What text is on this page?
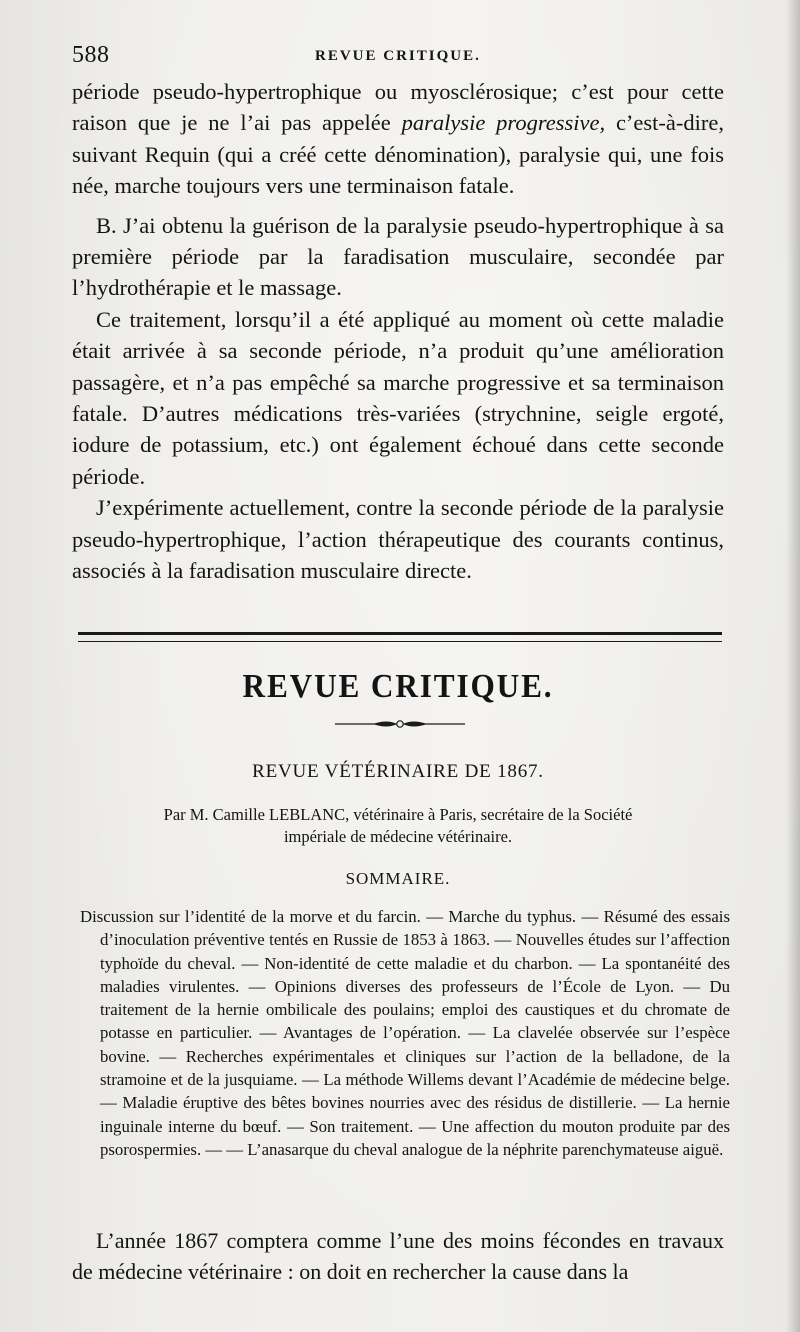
588	REVUE CRITIQUE.

période pseudo-hypertrophique ou myosclérosique; c’est pour cette raison que je ne l’ai pas appelée paralysie progressive, c’est-à-dire, suivant Requin (qui a créé cette dénomination), paralysie qui, une fois née, marche toujours vers une terminaison fatale.

B. J’ai obtenu la guérison de la paralysie pseudo-hypertrophique à sa première période par la faradisation musculaire, secondée par l’hydrothérapie et le massage.

Ce traitement, lorsqu’il a été appliqué au moment où cette maladie était arrivée à sa seconde période, n’a produit qu’une amélioration passagère, et n’a pas empêché sa marche progressive et sa terminaison fatale. D’autres médications très-variées (strychnine, seigle ergoté, iodure de potassium, etc.) ont également échoué dans cette seconde période.

J’expérimente actuellement, contre la seconde période de la paralysie pseudo-hypertrophique, l’action thérapeutique des courants continus, associés à la faradisation musculaire directe.

REVUE CRITIQUE.
REVUE VÉTÉRINAIRE DE 1867.
Par M. Camille LEBLANC, vétérinaire à Paris, secrétaire de la Société
impériale de médecine vétérinaire.
SOMMAIRE.

Discussion sur l’identité de la morve et du farcin. — Marche du typhus. — Résumé des essais d’inoculation préventive tentés en Russie de 1853 à 1863. — Nouvelles études sur l’affection typhoïde du cheval. — Non-identité de cette maladie et du charbon. — La spontanéité des maladies virulentes. — Opinions diverses des professeurs de l’École de Lyon. — Du traitement de la hernie ombilicale des poulains; emploi des caustiques et du chromate de potasse en particulier. — Avantages de l’opération. — La clavelée observée sur l’espèce bovine. — Recherches expérimentales et cliniques sur l’action de la belladone, de la stramoine et de la jusquiame. — La méthode Willems devant l’Académie de médecine belge. — Maladie éruptive des bêtes bovines nourries avec des résidus de distillerie. — La hernie inguinale interne du bœuf. — Son traitement. — Une affection du mouton produite par des psorospermies. — — L’anasarque du cheval analogue de la néphrite parenchymateuse aiguë.

L’année 1867 comptera comme l’une des moins fécondes en travaux de médecine vétérinaire : on doit en rechercher la cause dans la
